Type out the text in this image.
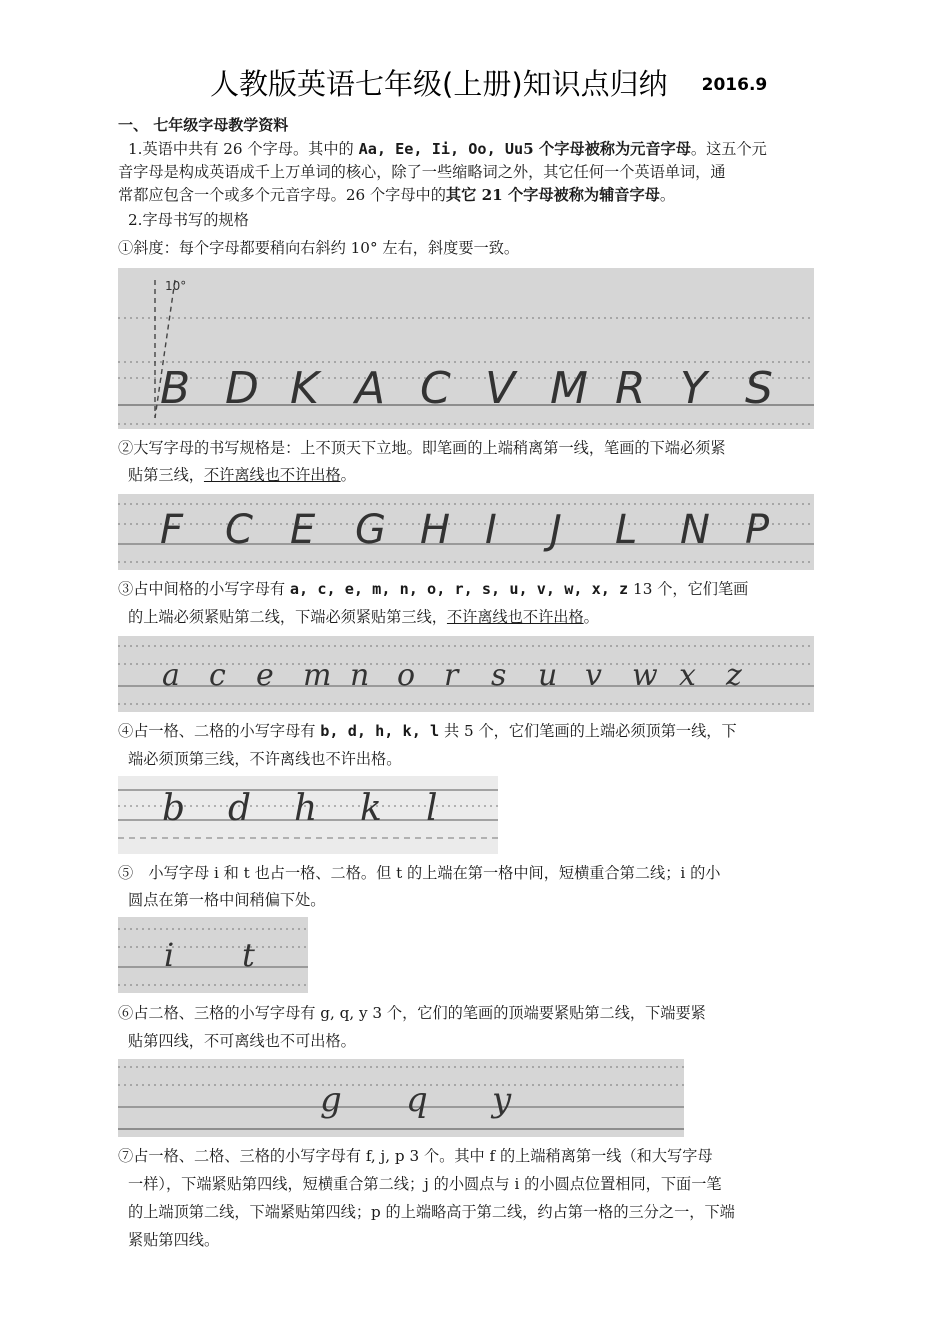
人教版英语七年级(上册)知识点归纳 2016.9
一、 七年级字母教学资料
1.英语中共有 26 个字母。其中的 Aa, Ee, Ii, Oo, Uu5 个字母被称为元音字母。这五个元
音字母是构成英语成千上万单词的核心，除了一些缩略词之外，其它任何一个英语单词，通
常都应包含一个或多个元音字母。26 个字母中的其它 21 个字母被称为辅音字母。
2.字母书写的规格
①斜度：每个字母都要稍向右斜约 10° 左右，斜度要一致。
10°
B D K A C V M R Y S
②大写字母的书写规格是：上不顶天下立地。即笔画的上端稍离第一线，笔画的下端必须紧
贴第三线，不许离线也不许出格。
F C E G H I J L N P
③占中间格的小写字母有 a, c, e, m, n, o, r, s, u, v, w, x, z 13 个，它们笔画
的上端必须紧贴第二线，下端必须紧贴第三线，不许离线也不许出格。
a c e m n o r s u v w x z
④占一格、二格的小写字母有 b, d, h, k, l 共 5 个，它们笔画的上端必须顶第一线，下
端必须顶第三线，不许离线也不许出格。
b d h k l
⑤　小写字母 i 和 t 也占一格、二格。但 t 的上端在第一格中间，短横重合第二线；i 的小
圆点在第一格中间稍偏下处。
i t
⑥占二格、三格的小写字母有 g, q, y 3 个，它们的笔画的顶端要紧贴第二线，下端要紧
贴第四线，不可离线也不可出格。
g q y
⑦占一格、二格、三格的小写字母有 f, j, p 3 个。其中 f 的上端稍离第一线（和大写字母
一样），下端紧贴第四线，短横重合第二线；j 的小圆点与 i 的小圆点位置相同，下面一笔
的上端顶第二线，下端紧贴第四线；p 的上端略高于第二线，约占第一格的三分之一，下端
紧贴第四线。
